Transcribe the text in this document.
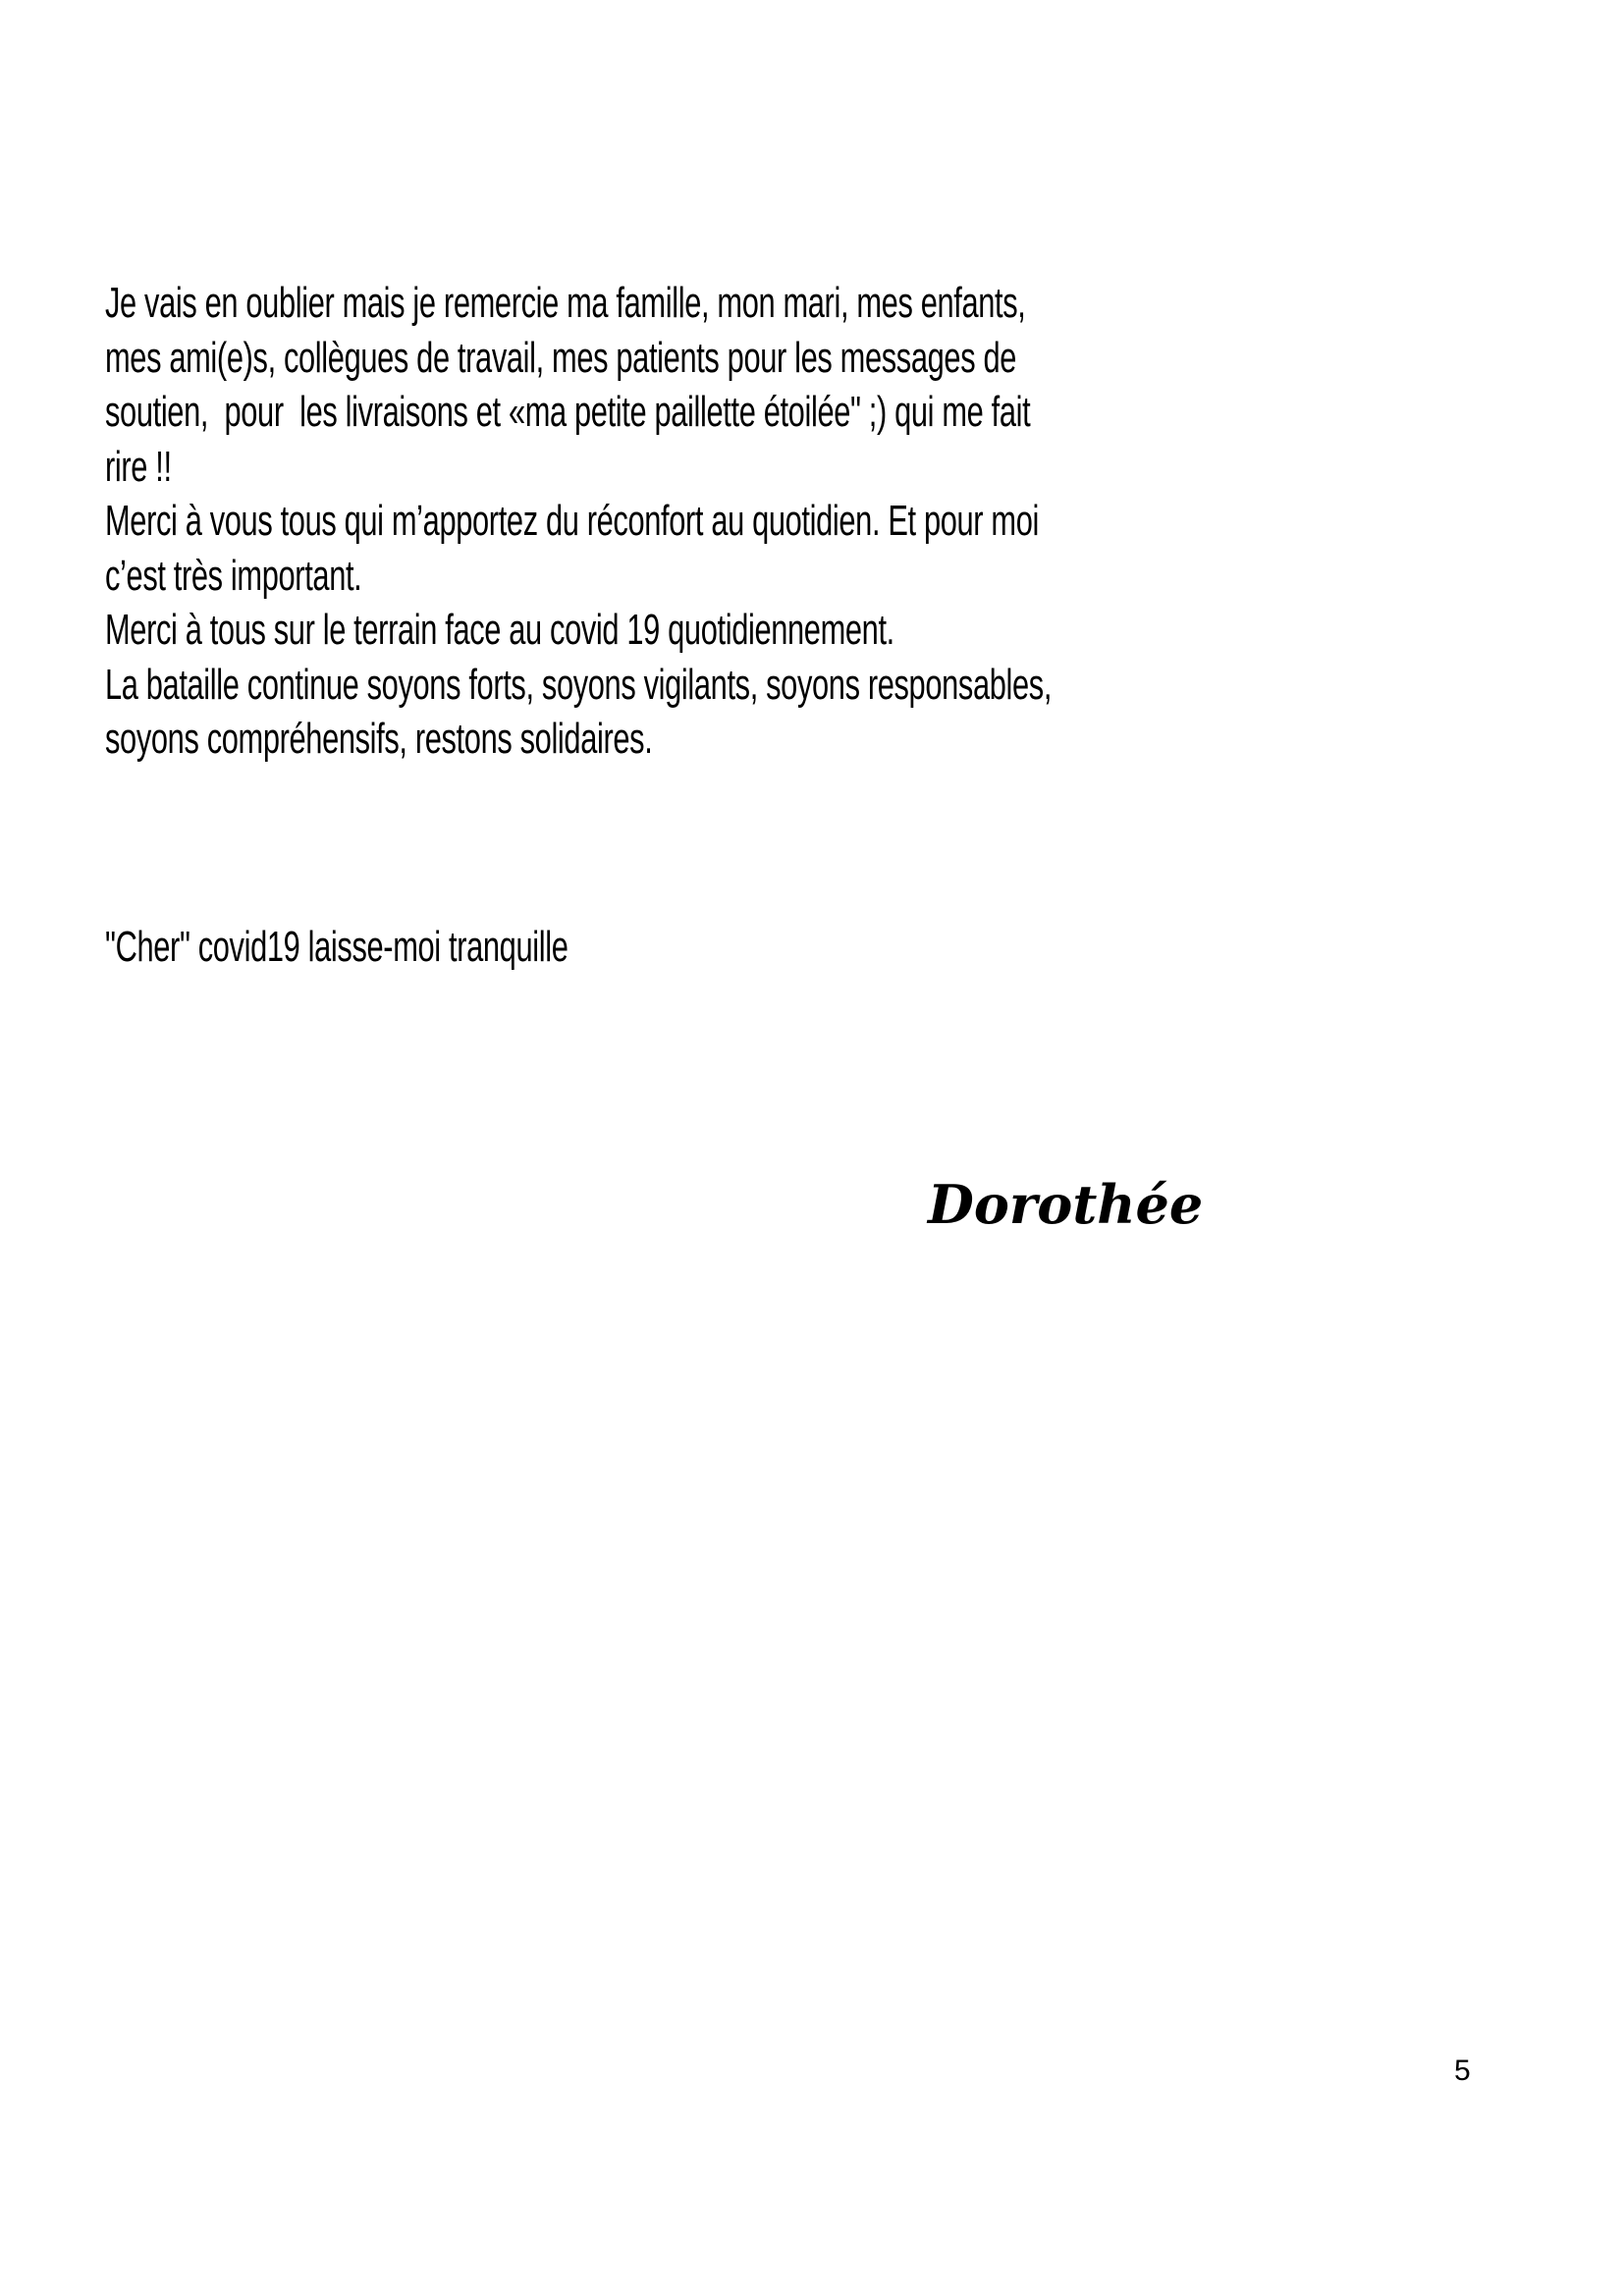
Je vais en oublier mais je remercie ma famille, mon mari, mes enfants,
mes ami(e)s, collègues de travail, mes patients pour les messages de
soutien,  pour  les livraisons et «ma petite paillette étoilée" ;) qui me fait
rire !!
Merci à vous tous qui m’apportez du réconfort au quotidien. Et pour moi
c’est très important.
Merci à tous sur le terrain face au covid 19 quotidiennement.
La bataille continue soyons forts, soyons vigilants, soyons responsables,
soyons compréhensifs, restons solidaires.
"Cher" covid19 laisse-moi tranquille
Dorothée
5
